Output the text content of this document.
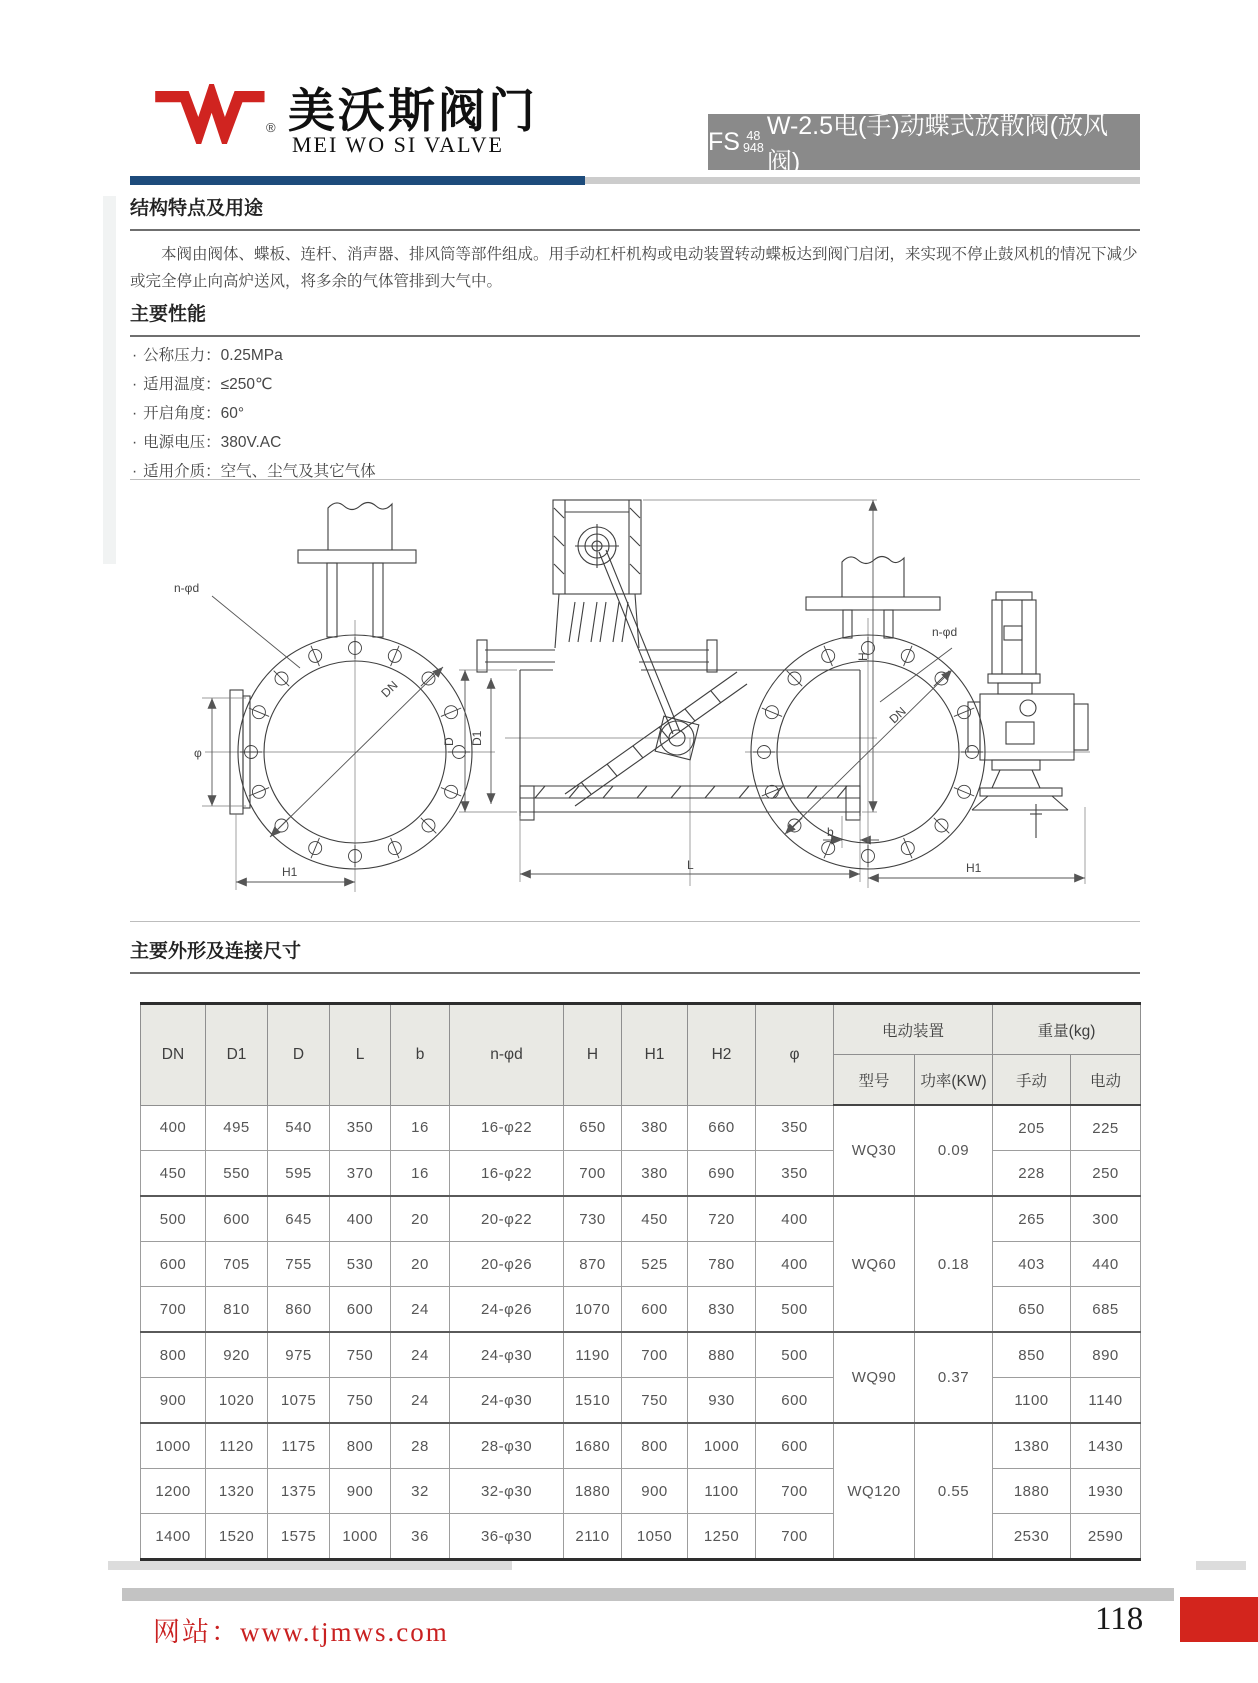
® 美沃斯阀门
MEI WO SI VALVE	FS 48
948
W-2.5电(手)动蝶式放散阀(放风阀)
结构特点及用途
本阀由阀体、蝶板、连杆、消声器、排风筒等部件组成。用手动杠杆机构或电动装置转动蝶板达到阀门启闭，来实现不停止鼓风机的情况下减少或完全停止向高炉送风，将多余的气体管排到大气中。
主要性能
· 公称压力：0.25MPa
· 适用温度：≤250℃
· 开启角度：60°
· 电源电压：380V.AC
· 适用介质：空气、尘气及其它气体
n-φd
DN
φ
H1
D D1
H
L
b
n-φd
DN
H1
主要外形及连接尺寸
DN	D1	D	L	b	n-φd	H	H1	H2	φ	电动装置		重量(kg)	
										型号	功率(KW)	手动	电动
400	495	540	350	16	16-φ22	650	380	660	350	WQ30	0.09	205	225
450	550	595	370	16	16-φ22	700	380	690	350			228	250
500	600	645	400	20	20-φ22	730	450	720	400	WQ60	0.18	265	300
600	705	755	530	20	20-φ26	870	525	780	400			403	440
700	810	860	600	24	24-φ26	1070	600	830	500			650	685
800	920	975	750	24	24-φ30	1190	700	880	500	WQ90	0.37	850	890
900	1020	1075	750	24	24-φ30	1510	750	930	600			1100	1140
1000	1120	1175	800	28	28-φ30	1680	800	1000	600	WQ120	0.55	1380	1430
1200	1320	1375	900	32	32-φ30	1880	900	1100	700			1880	1930
1400	1520	1575	1000	36	36-φ30	2110	1050	1250	700			2530	2590
网站：www.tjmws.com	118
